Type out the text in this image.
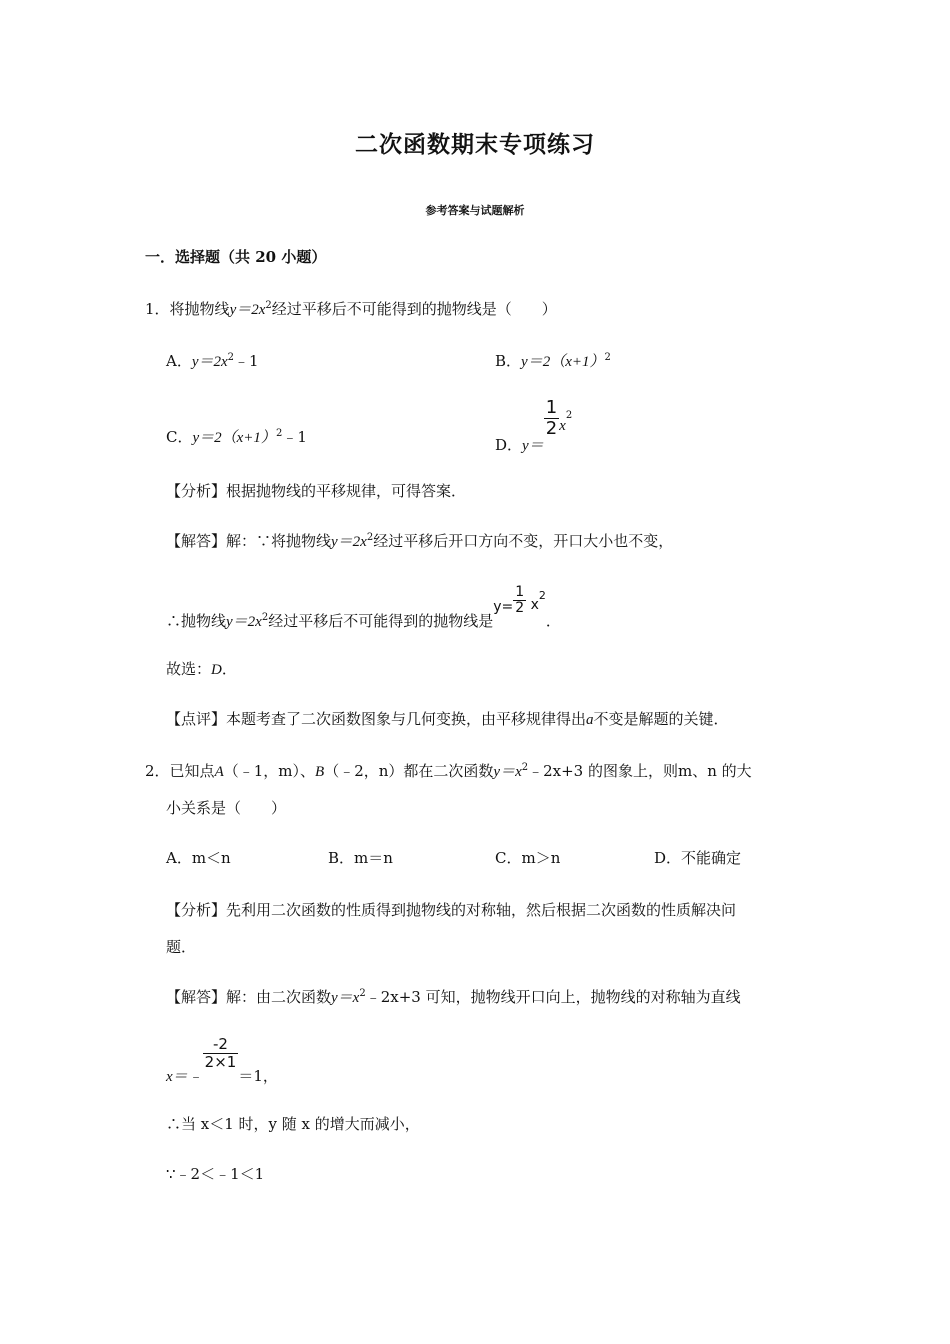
二次函数期末专项练习
参考答案与试题解析
一．选择题（共 20 小题）
1．将抛物线$y=2x^2$经过平移后不可能得到的抛物线是（　　）
A．$y=2x^2﹣1$	B．$y=2(x+1)^2$
C．$y=2(x+1)^2﹣1$	D．y＝
$\frac{1}{2} x^2$
【分析】根据抛物线的平移规律，可得答案．
【解答】解：∵将抛物线$y=2x^2$经过平移后开口方向不变，开口大小也不变，
∴抛物线$y=2x^2$经过平移后不可能得到的抛物线是$y= \frac{1}{2} x^2$．
故选：D．
【点评】本题考查了二次函数图象与几何变换，由平移规律得出a不变是解题的关键．
2．已知点A（﹣1，m）、B（﹣2，n）都在二次函数$y=x^2﹣2x+3$ 的图象上，则m、n 的大
小关系是（　　）
A．m＜n	B．m＝n	C．m＞n	D．不能确定
【分析】先利用二次函数的性质得到抛物线的对称轴，然后根据二次函数的性质解决问
题．
【解答】解：由二次函数$y=x^2﹣2x+3$ 可知，抛物线开口向上，抛物线的对称轴为直线
x＝﹣
$\frac{-2}{2\times 1}$
＝1，
∴当 x＜1 时，y 随 x 的增大而减小，
∵﹣2＜﹣1＜1
